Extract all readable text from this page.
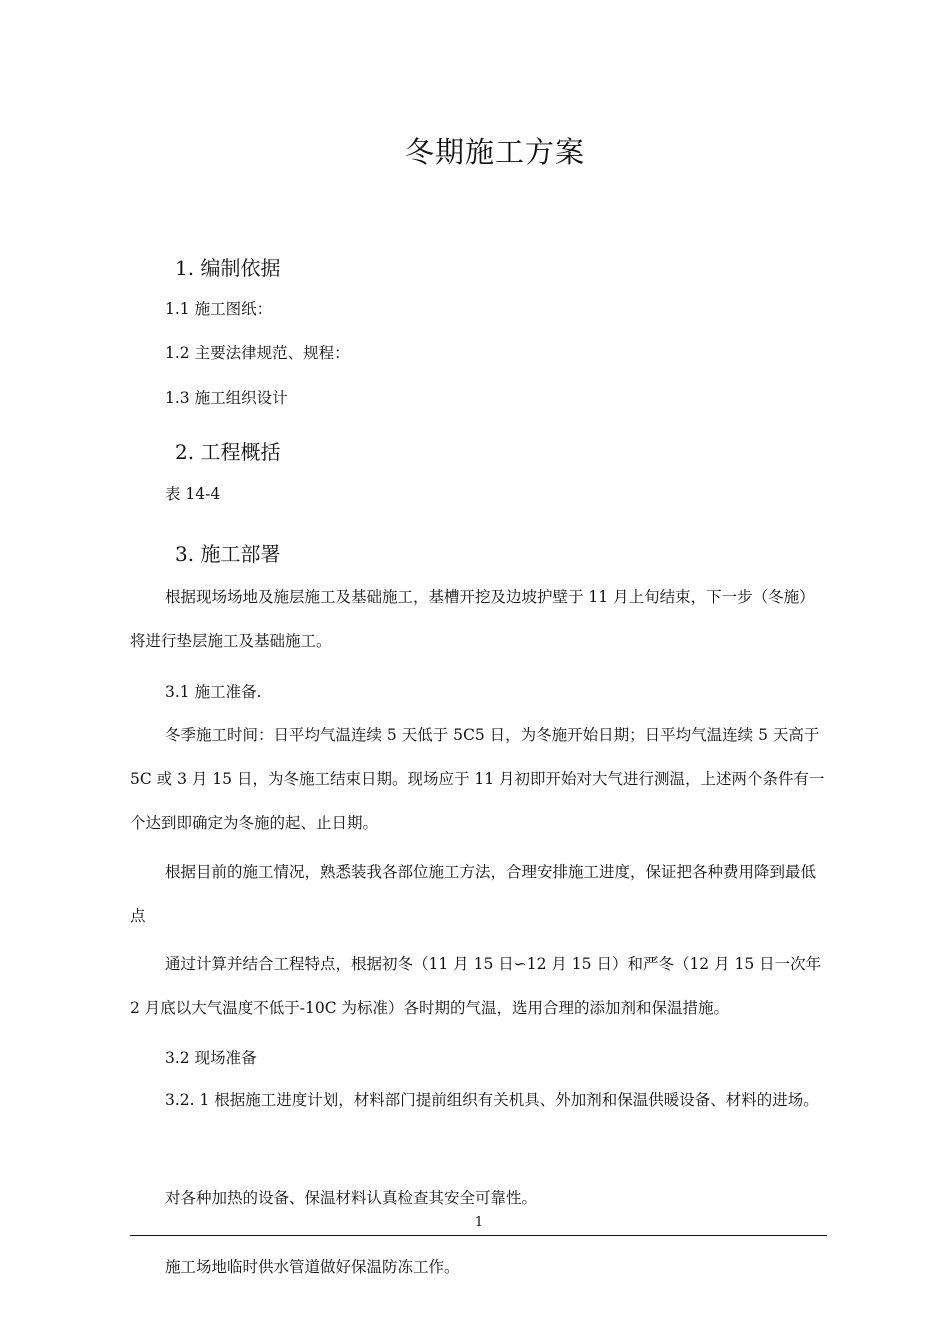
冬期施工方案
1. 编制依据
1.1 施工图纸：
1.2 主要法律规范、规程：
1.3 施工组织设计
2. 工程概括
表 14-4
3. 施工部署
根据现场场地及施层施工及基础施工，基槽开挖及边坡护壁于 11 月上旬结束，下一步（冬施）将进行垫层施工及基础施工。
3.1 施工准备.
冬季施工时间：日平均气温连续 5 天低于 5C5 日，为冬施开始日期；日平均气温连续 5 天高于 5C 或 3 月 15 日，为冬施工结束日期。现场应于 11 月初即开始对大气进行测温，上述两个条件有一个达到即确定为冬施的起、止日期。
根据目前的施工情况，熟悉装我各部位施工方法，合理安排施工进度，保证把各种费用降到最低点
通过计算并结合工程特点，根据初冬（11 月 15 日∽12 月 15 日）和严冬（12 月 15 日一次年 2 月底以大气温度不低于-10C 为标准）各时期的气温，选用合理的添加剂和保温措施。
3.2 现场准备
3.2. 1 根据施工进度计划，材料部门提前组织有关机具、外加剂和保温供暖设备、材料的进场。
对各种加热的设备、保温材料认真检查其安全可靠性。
1
施工场地临时供水管道做好保温防冻工作。
